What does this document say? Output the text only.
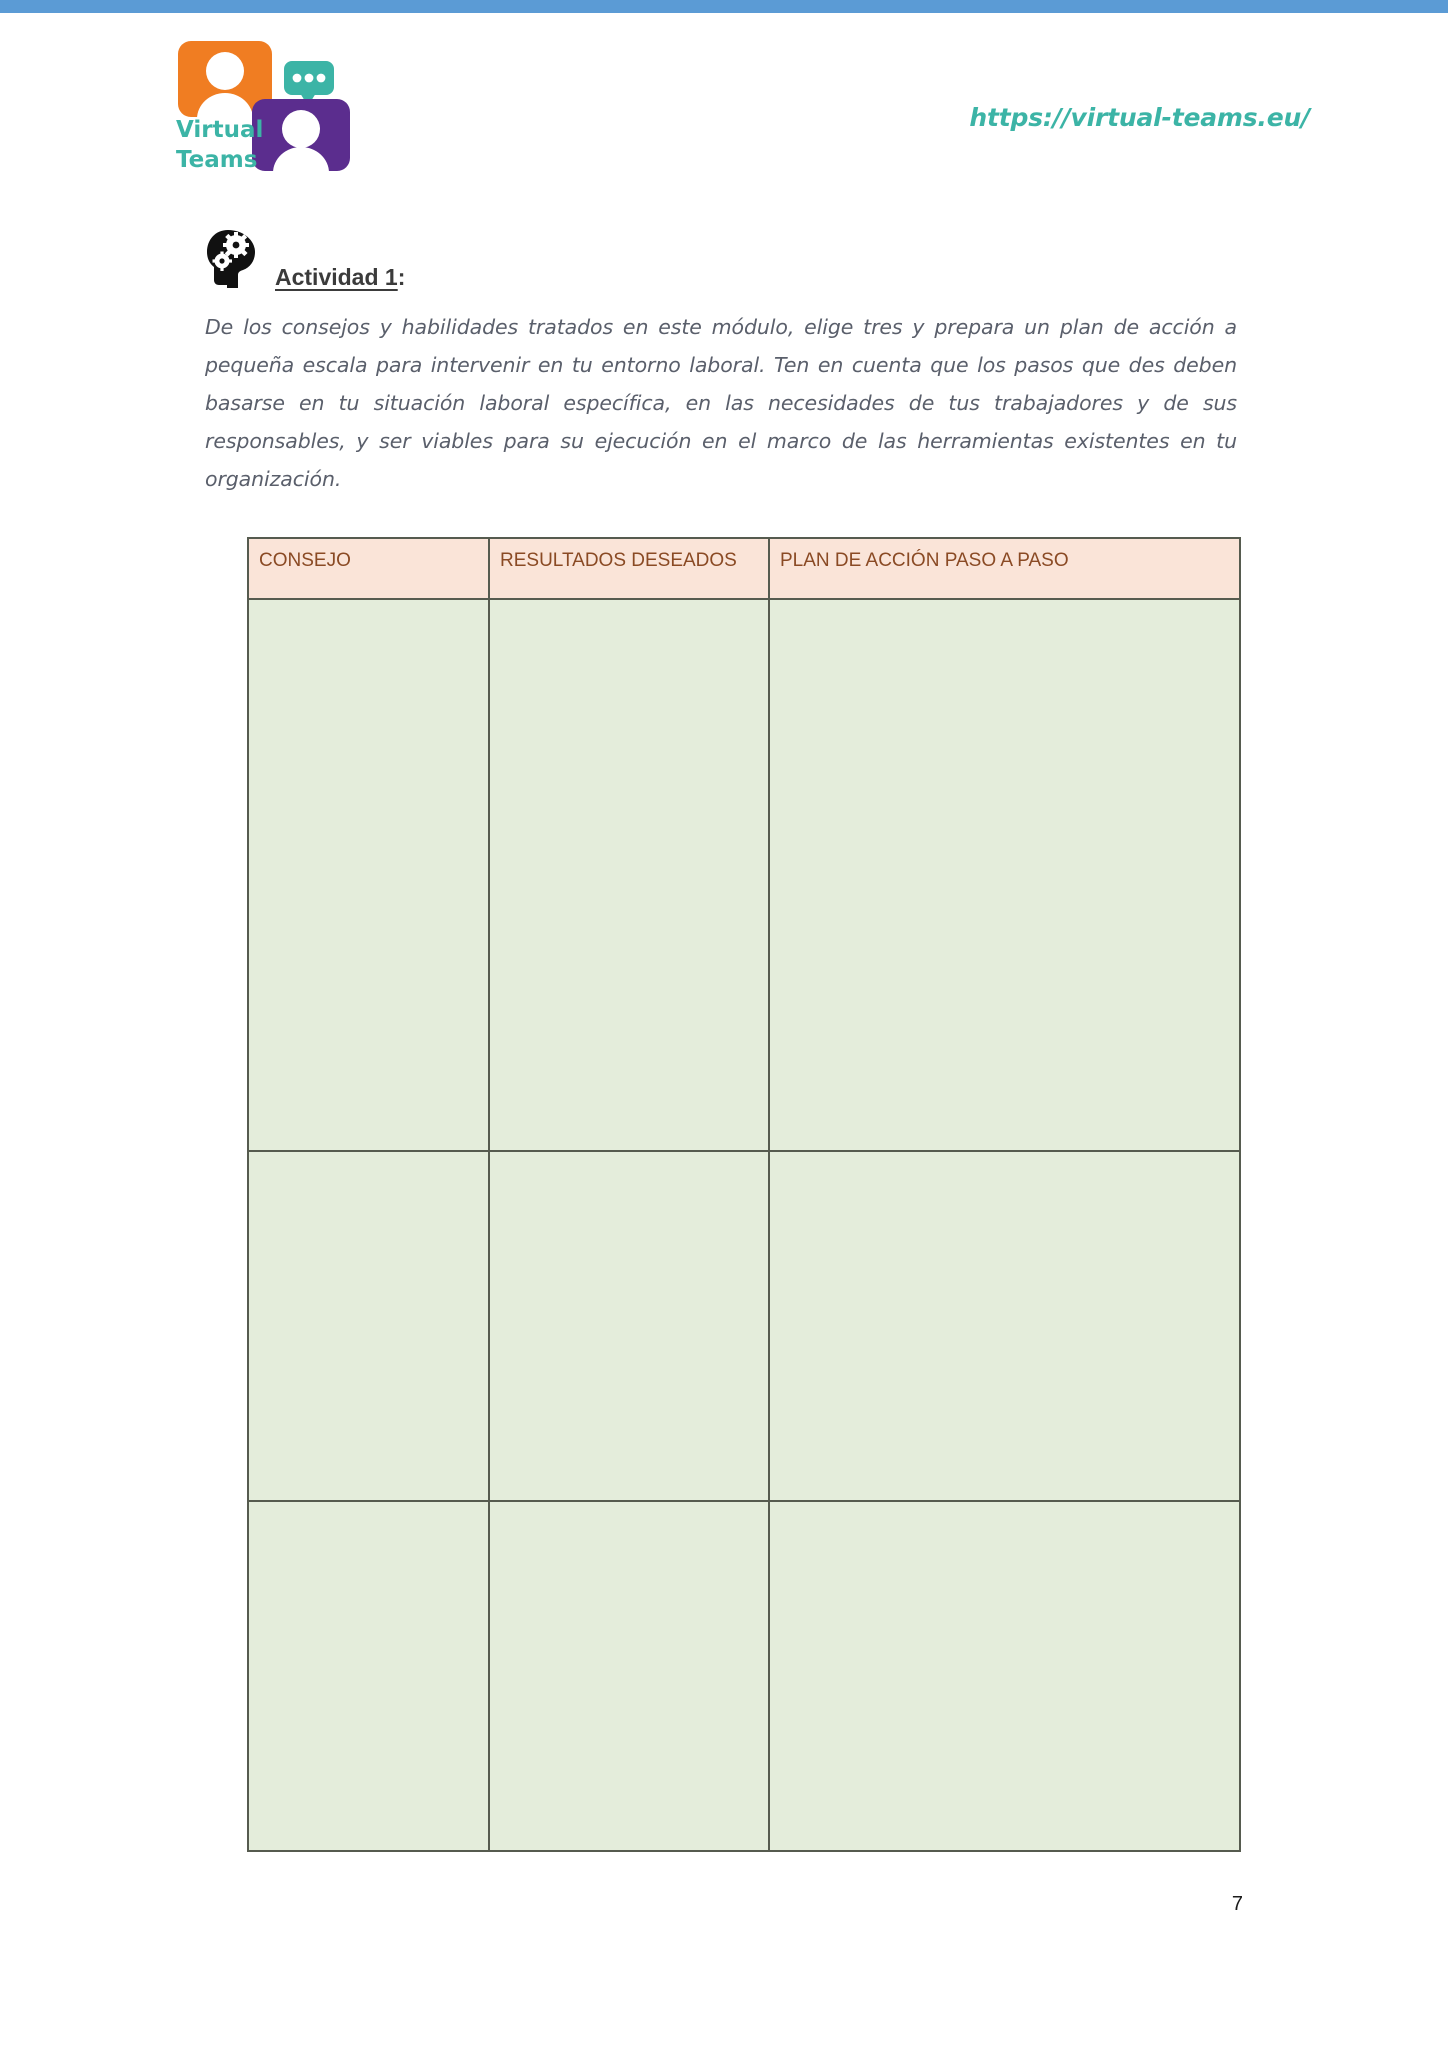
Virtual
Teams
https://virtual-teams.eu/
Actividad 1:
De los consejos y habilidades tratados en este módulo, elige tres y prepara un plan de acción a pequeña escala para intervenir en tu entorno laboral. Ten en cuenta que los pasos que des deben basarse en tu situación laboral específica, en las necesidades de tus trabajadores y de sus responsables, y ser viables para su ejecución en el marco de las herramientas existentes en tu organización.
CONSEJO	RESULTADOS DESEADOS	PLAN DE ACCIÓN PASO A PASO

7
